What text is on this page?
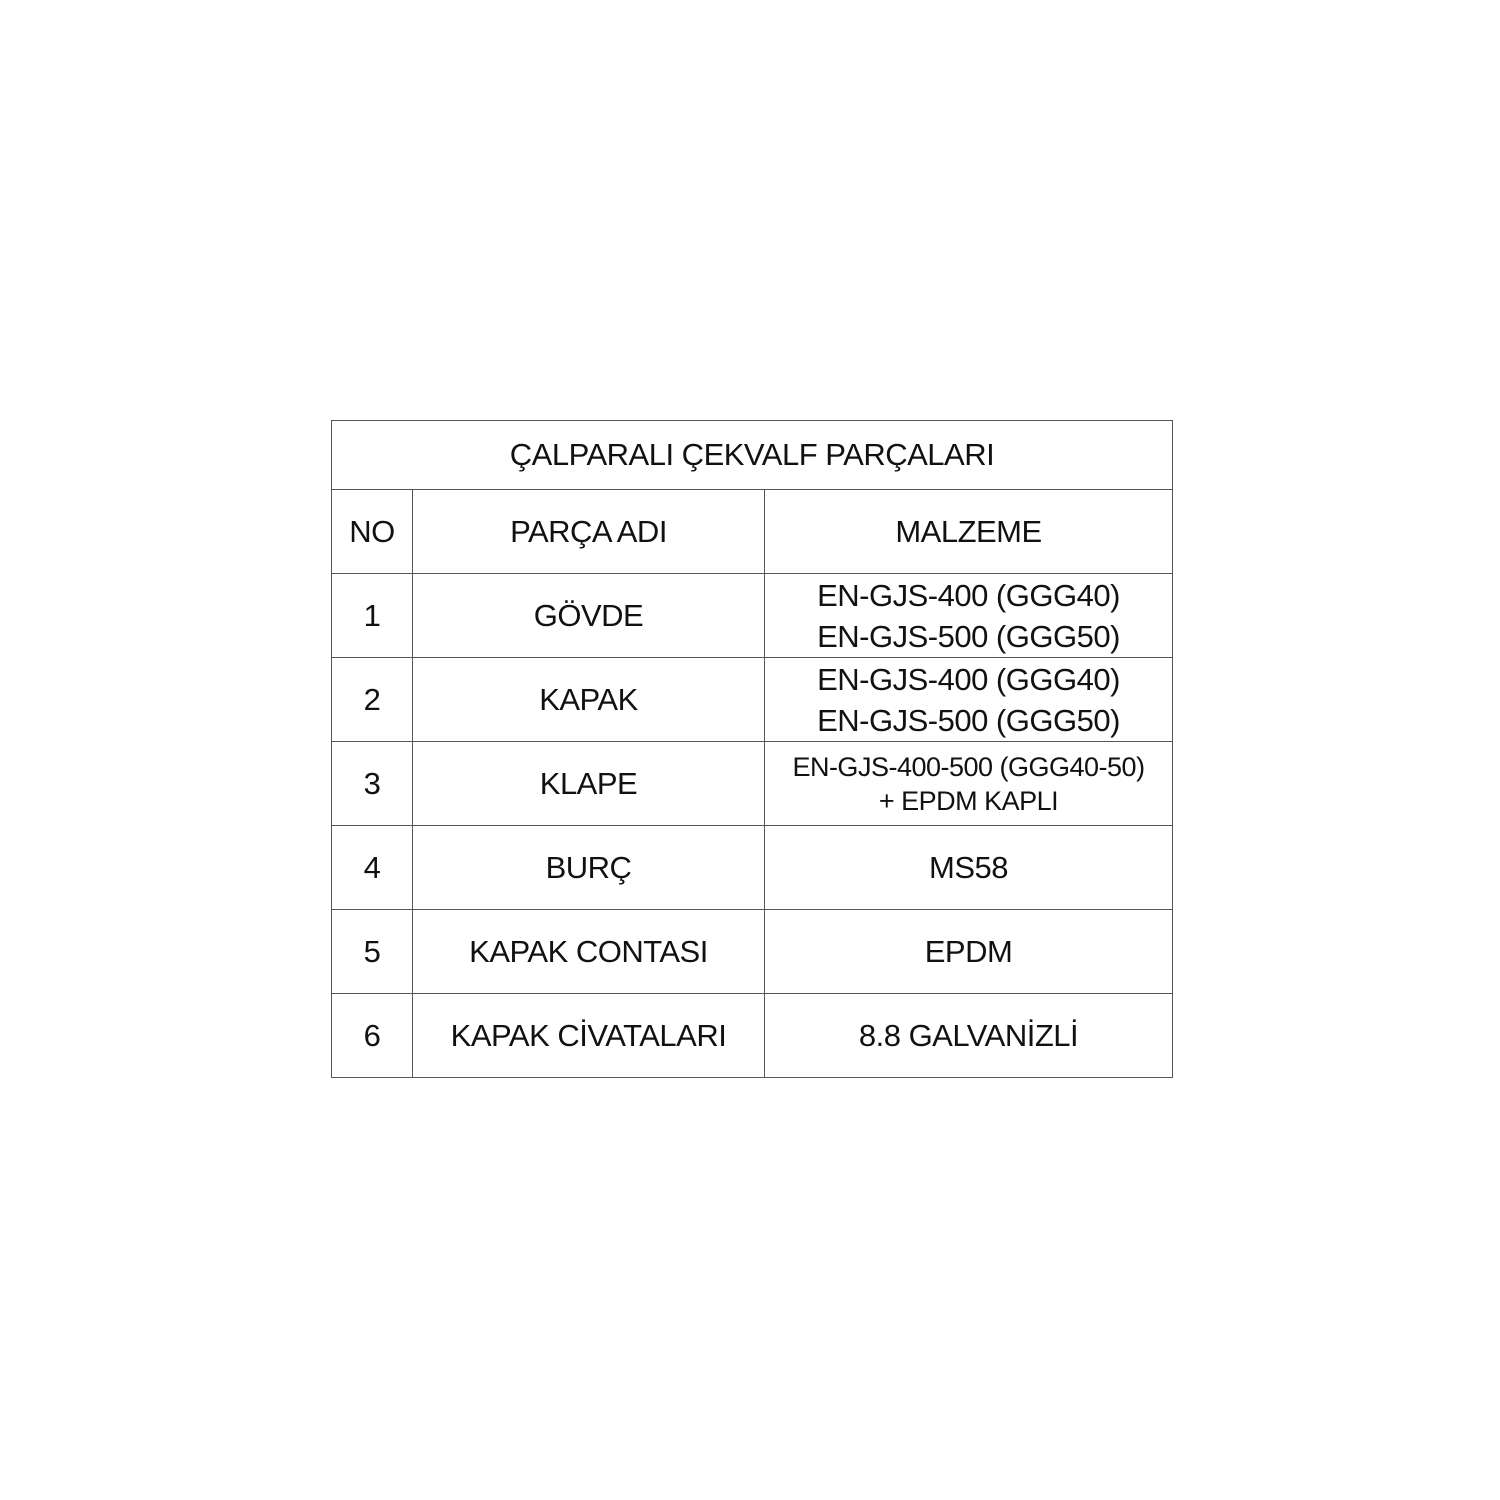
ÇALPARALI ÇEKVALF PARÇALARI		
NO	PARÇA ADI	MALZEME
1	GÖVDE	EN-GJS-400 (GGG40)
EN-GJS-500 (GGG50)

2	KAPAK	EN-GJS-400 (GGG40)
EN-GJS-500 (GGG50)

3	KLAPE	EN-GJS-400-500 (GGG40-50)
+ EPDM KAPLI

4	BURÇ	MS58

5	KAPAK CONTASI	EPDM

6	KAPAK CİVATALARI	8.8 GALVANİZLİ
